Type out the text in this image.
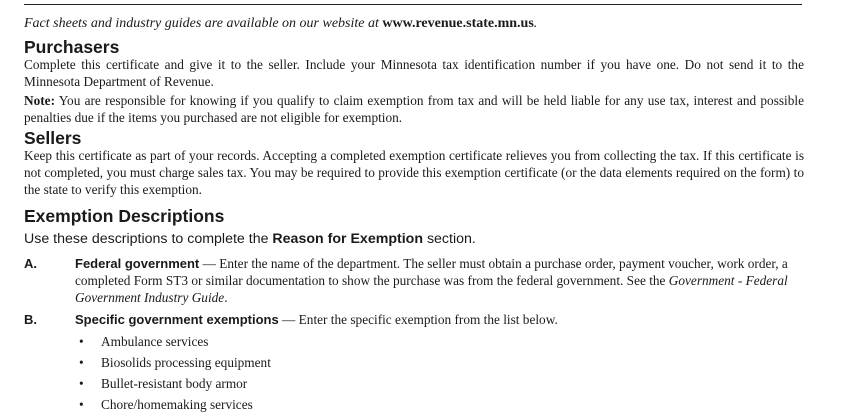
Fact sheets and industry guides are available on our website at www.revenue.state.mn.us.

Purchasers

Complete this certificate and give it to the seller. Include your Minnesota tax identification number if you have one. Do not send it to the Minnesota Department of Revenue.

Note: You are responsible for knowing if you qualify to claim exemption from tax and will be held liable for any use tax, interest and possible penalties due if the items you purchased are not eligible for exemption.

Sellers

Keep this certificate as part of your records. Accepting a completed exemption certificate relieves you from collecting the tax. If this certificate is not completed, you must charge sales tax. You may be required to provide this exemption certificate (or the data elements required on the form) to the state to verify this exemption.

Exemption Descriptions

Use these descriptions to complete the Reason for Exemption section.

A.	Federal government — Enter the name of the department. The seller must obtain a purchase order, payment voucher, work order, a completed Form ST3 or similar documentation to show the purchase was from the federal government. See the Government - Federal Government Industry Guide.
B.	Specific government exemptions — Enter the specific exemption from the list below.
• Ambulance services
• Biosolids processing equipment
• Bullet-resistant body armor
• Chore/homemaking services
